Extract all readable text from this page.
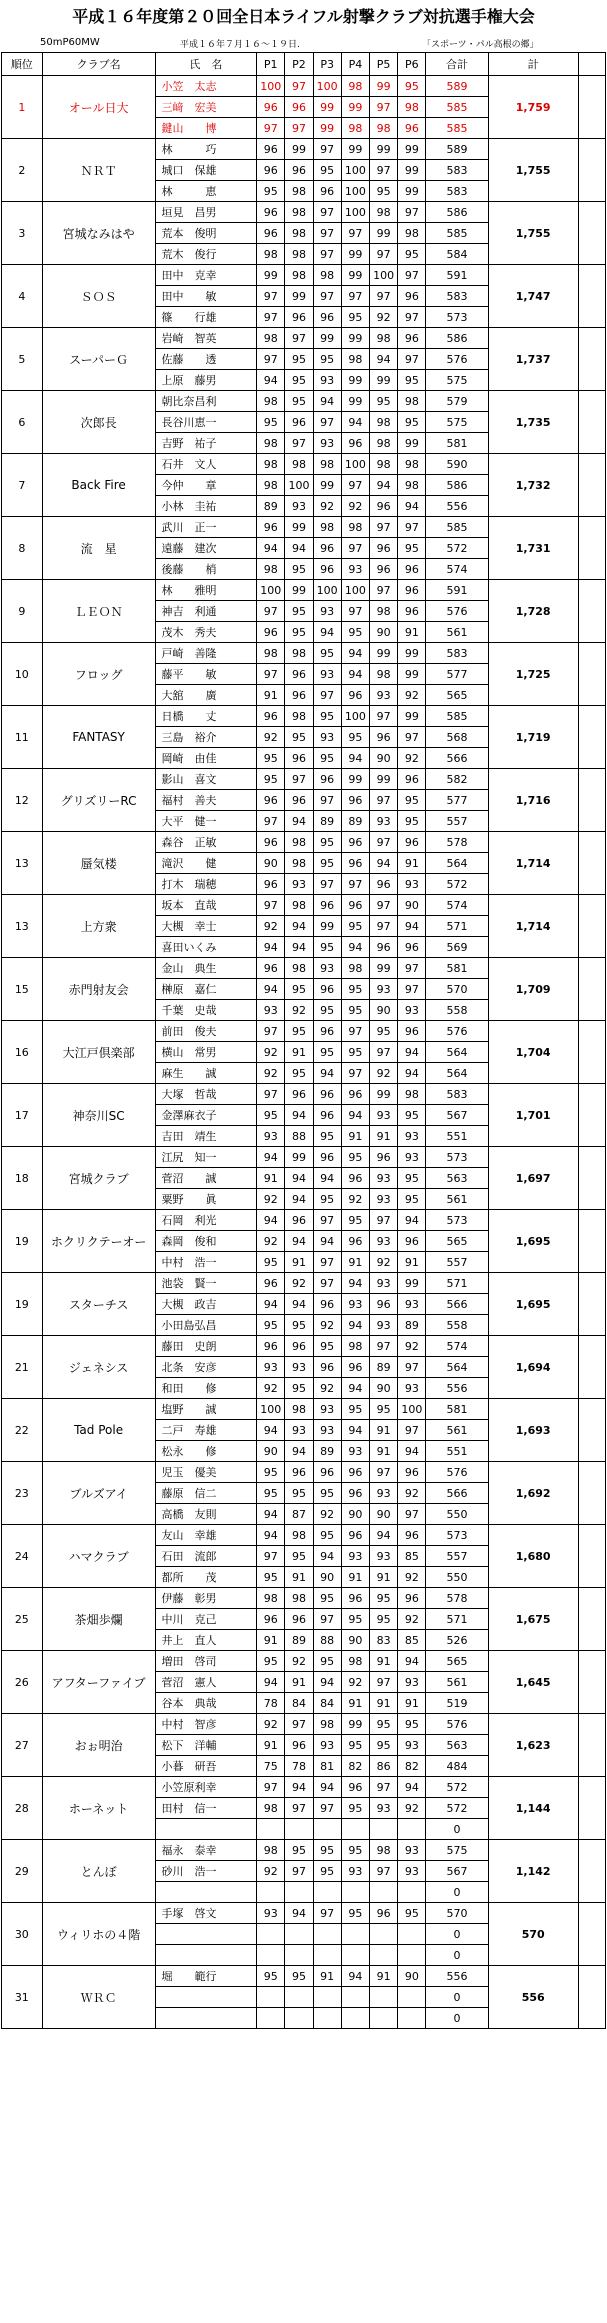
平成１６年度第２０回全日本ライフル射撃クラブ対抗選手権大会
50mP60MW	平成１６年７月１６～１９日.	「スポーツ・パル高根の郷」
順位	クラブ名	氏　名	P1	P2	P3	P4	P5	P6	合計	計	
1	オール日大	小笠　太志	100	97	100	98	99	95	589	1,759	
		三﨑　宏美	96	96	99	99	97	98	585		
		鍵山　　博	97	97	99	98	98	96	585		
2	ＮＲＴ	林　　　巧	96	99	97	99	99	99	589	1,755	
		城口　保雄	96	96	95	100	97	99	583		
		林　　　恵	95	98	96	100	95	99	583		
3	宮城なみはや	垣見　昌男	96	98	97	100	98	97	586	1,755	
		荒本　俊明	96	98	97	97	99	98	585		
		荒木　俊行	98	98	97	99	97	95	584		
4	ＳＯＳ	田中　克幸	99	98	98	99	100	97	591	1,747	
		田中　　敏	97	99	97	97	97	96	583		
		篠　　行雄	97	96	96	95	92	97	573		
5	スーパーＧ	岩崎　智英	98	97	99	99	98	96	586	1,737	
		佐藤　　透	97	95	95	98	94	97	576		
		上原　藤男	94	95	93	99	99	95	575		
6	次郎長	朝比奈昌利	98	95	94	99	95	98	579	1,735	
		長谷川恵一	95	96	97	94	98	95	575		
		吉野　祐子	98	97	93	96	98	99	581		
7	Back Fire	石井　文人	98	98	98	100	98	98	590	1,732	
		今仲　　章	98	100	99	97	94	98	586		
		小林　圭祐	89	93	92	92	96	94	556		
8	流　星	武川　正一	96	99	98	98	97	97	585	1,731	
		遠藤　建次	94	94	96	97	96	95	572		
		後藤　　梢	98	95	96	93	96	96	574		
9	ＬＥＯＮ	林　　雅明	100	99	100	100	97	96	591	1,728	
		神吉　利通	97	95	93	97	98	96	576		
		茂木　秀夫	96	95	94	95	90	91	561		
10	フロッグ	戸崎　善隆	98	98	95	94	99	99	583	1,725	
		藤平　　敏	97	96	93	94	98	99	577		
		大舘　　廣	91	96	97	96	93	92	565		
11	FANTASY	日橋　　丈	96	98	95	100	97	99	585	1,719	
		三島　裕介	92	95	93	95	96	97	568		
		岡崎　由佳	95	96	95	94	90	92	566		
12	グリズリーRC	影山　喜文	95	97	96	99	99	96	582	1,716	
		福村　善夫	96	96	97	96	97	95	577		
		大平　健一	97	94	89	89	93	95	557		
13	蜃気楼	森谷　正敏	96	98	95	96	97	96	578	1,714	
		滝沢　　健	90	98	95	96	94	91	564		
		打木　瑞穂	96	93	97	97	96	93	572		
13	上方衆	坂本　直哉	97	98	96	96	97	90	574	1,714	
		大槻　幸士	92	94	99	95	97	94	571		
		喜田いくみ	94	94	95	94	96	96	569		
15	赤門射友会	金山　典生	96	98	93	98	99	97	581	1,709	
		榊原　嘉仁	94	95	96	95	93	97	570		
		千葉　史哉	93	92	95	95	90	93	558		
16	大江戸倶楽部	前田　俊夫	97	95	96	97	95	96	576	1,704	
		横山　常男	92	91	95	95	97	94	564		
		麻生　　誠	92	95	94	97	92	94	564		
17	神奈川SC	大塚　哲哉	97	96	96	96	99	98	583	1,701	
		金澤麻衣子	95	94	96	94	93	95	567		
		吉田　靖生	93	88	95	91	91	93	551		
18	宮城クラブ	江尻　知一	94	99	96	95	96	93	573	1,697	
		菅沼　　誠	91	94	94	96	93	95	563		
		粟野　　眞	92	94	95	92	93	95	561		
19	ホクリクテーオー	石岡　利光	94	96	97	95	97	94	573	1,695	
		森岡　俊和	92	94	94	96	93	96	565		
		中村　浩一	95	91	97	91	92	91	557		
19	スターチス	池袋　賢一	96	92	97	94	93	99	571	1,695	
		大槻　政吉	94	94	96	93	96	93	566		
		小田島弘昌	95	95	92	94	93	89	558		
21	ジェネシス	藤田　史朗	96	96	95	98	97	92	574	1,694	
		北条　安彦	93	93	96	96	89	97	564		
		和田　　修	92	95	92	94	90	93	556		
22	Tad Pole	塩野　　誠	100	98	93	95	95	100	581	1,693	
		二戸　寿雄	94	93	93	94	91	97	561		
		松永　　修	90	94	89	93	91	94	551		
23	ブルズアイ	児玉　優美	95	96	96	96	97	96	576	1,692	
		藤原　信二	95	95	95	96	93	92	566		
		高橋　友則	94	87	92	90	90	97	550		
24	ハマクラブ	友山　幸雄	94	98	95	96	94	96	573	1,680	
		石田　流郎	97	95	94	93	93	85	557		
		都所　　茂	95	91	90	91	91	92	550		
25	茶畑歩爛	伊藤　彰男	98	98	95	96	95	96	578	1,675	
		中川　克己	96	96	97	95	95	92	571		
		井上　直人	91	89	88	90	83	85	526		
26	アフターファイブ	増田　啓司	95	92	95	98	91	94	565	1,645	
		菅沼　憲人	94	91	94	92	97	93	561		
		谷本　典哉	78	84	84	91	91	91	519		
27	おぉ明治	中村　智彦	92	97	98	99	95	95	576	1,623	
		松下　洋輔	91	96	93	95	95	93	563		
		小暮　研吾	75	78	81	82	86	82	484		
28	ホーネット	小笠原利幸	97	94	94	96	97	94	572	1,144	
		田村　信一	98	97	97	95	93	92	572		
									0		
29	とんぼ	福永　泰幸	98	95	95	95	98	93	575	1,142	
		砂川　浩一	92	97	95	93	97	93	567		
									0		
30	ウィリホの４階	手塚　啓文	93	94	97	95	96	95	570	570	
									0		
									0		
31	ＷＲＣ	堀　　範行	95	95	91	94	91	90	556	556	
									0		
									0		
